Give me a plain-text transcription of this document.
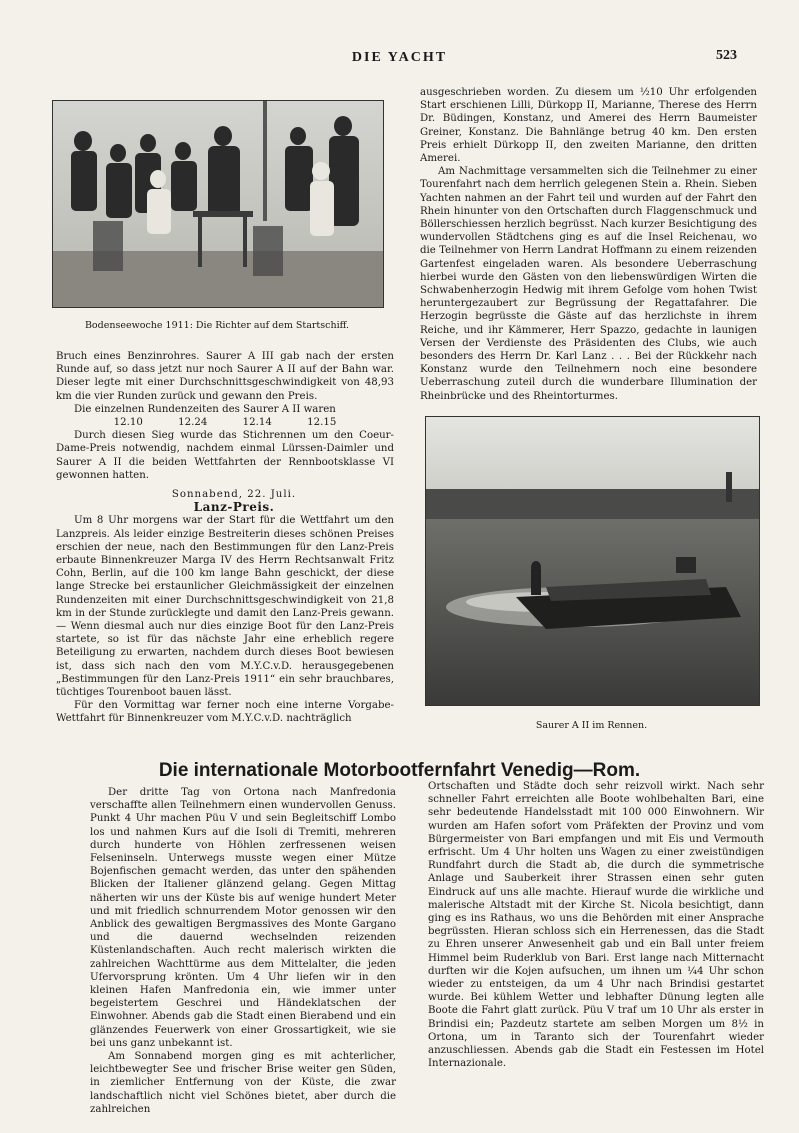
DIE YACHT	523
Bodenseewoche 1911: Die Richter auf dem Startschiff.

Bruch eines Benzinrohres. Saurer A III gab nach der ersten Runde auf, so dass jetzt nur noch Saurer A II auf der Bahn war. Dieser legte mit einer Durchschnittsgeschwindigkeit von 48,93 km die vier Runden zurück und gewann den Preis.

Die einzelnen Rundenzeiten des Saurer A II waren

12.10	12.24	12.14	12.15

Durch diesen Sieg wurde das Stichrennen um den Coeur-Dame-Preis notwendig, nachdem einmal Lürssen-Daimler und Saurer A II die beiden Wettfahrten der Rennbootsklasse VI gewonnen hatten.

Sonnabend, 22. Juli.

Lanz-Preis.

Um 8 Uhr morgens war der Start für die Wettfahrt um den Lanzpreis. Als leider einzige Bestreiterin dieses schönen Preises erschien der neue, nach den Bestimmungen für den Lanz-Preis erbaute Binnenkreuzer Marga IV des Herrn Rechtsanwalt Fritz Cohn, Berlin, auf die 100 km lange Bahn geschickt, der diese lange Strecke bei erstaunlicher Gleichmässigkeit der einzelnen Rundenzeiten mit einer Durchschnittsgeschwindigkeit von 21,8 km in der Stunde zurücklegte und damit den Lanz-Preis gewann. — Wenn diesmal auch nur dies einzige Boot für den Lanz-Preis startete, so ist für das nächste Jahr eine erheblich regere Beteiligung zu erwarten, nachdem durch dieses Boot bewiesen ist, dass sich nach den vom M.Y.C.v.D. herausgegebenen „Bestimmungen für den Lanz-Preis 1911“ ein sehr brauchbares, tüchtiges Tourenboot bauen lässt.

Für den Vormittag war ferner noch eine interne Vorgabe-Wettfahrt für Binnenkreuzer vom M.Y.C.v.D. nachträglich

ausgeschrieben worden. Zu diesem um ½10 Uhr erfolgenden Start erschienen Lilli, Dürkopp II, Marianne, Therese des Herrn Dr. Büdingen, Konstanz, und Amerei des Herrn Baumeister Greiner, Konstanz. Die Bahnlänge betrug 40 km. Den ersten Preis erhielt Dürkopp II, den zweiten Marianne, den dritten Amerei.

Am Nachmittage versammelten sich die Teilnehmer zu einer Tourenfahrt nach dem herrlich gelegenen Stein a. Rhein. Sieben Yachten nahmen an der Fahrt teil und wurden auf der Fahrt den Rhein hinunter von den Ortschaften durch Flaggenschmuck und Böllerschiessen herzlich begrüsst. Nach kurzer Besichtigung des wundervollen Städtchens ging es auf die Insel Reichenau, wo die Teilnehmer von Herrn Landrat Hoffmann zu einem reizenden Gartenfest eingeladen waren. Als besondere Ueberraschung hierbei wurde den Gästen von den liebenswürdigen Wirten die Schwabenherzogin Hedwig mit ihrem Gefolge vom hohen Twist heruntergezaubert zur Begrüssung der Regattafahrer. Die Herzogin begrüsste die Gäste auf das herzlichste in ihrem Reiche, und ihr Kämmerer, Herr Spazzo, gedachte in launigen Versen der Verdienste des Präsidenten des Clubs, wie auch besonders des Herrn Dr. Karl Lanz . . . Bei der Rückkehr nach Konstanz wurde den Teilnehmern noch eine besondere Ueberraschung zuteil durch die wunderbare Illumination der Rheinbrücke und des Rheintorturmes.

Saurer A II im Rennen.
Die internationale Motorbootfernfahrt Venedig—Rom.

Der dritte Tag von Ortona nach Manfredonia verschaffte allen Teilnehmern einen wundervollen Genuss. Punkt 4 Uhr machen Püu V und sein Begleitschiff Lombo los und nahmen Kurs auf die Isoli di Tremiti, mehreren durch hunderte von Höhlen zerfressenen weisen Felseninseln. Unterwegs musste wegen einer Mütze Bojenfischen gemacht werden, das unter den spähenden Blicken der Italiener glänzend gelang. Gegen Mittag näherten wir uns der Küste bis auf wenige hundert Meter und mit friedlich schnurrendem Motor genossen wir den Anblick des gewaltigen Bergmassives des Monte Gargano und die dauernd wechselnden reizenden Küstenlandschaften. Auch recht malerisch wirkten die zahlreichen Wachttürme aus dem Mittelalter, die jeden Ufervorsprung krönten. Um 4 Uhr liefen wir in den kleinen Hafen Manfredonia ein, wie immer unter begeistertem Geschrei und Händeklatschen der Einwohner. Abends gab die Stadt einen Bierabend und ein glänzendes Feuerwerk von einer Grossartigkeit, wie sie bei uns ganz unbekannt ist.

Am Sonnabend morgen ging es mit achterlicher, leichtbewegter See und frischer Brise weiter gen Süden, in ziemlicher Entfernung von der Küste, die zwar landschaftlich nicht viel Schönes bietet, aber durch die zahlreichen

Ortschaften und Städte doch sehr reizvoll wirkt. Nach sehr schneller Fahrt erreichten alle Boote wohlbehalten Bari, eine sehr bedeutende Handelsstadt mit 100 000 Einwohnern. Wir wurden am Hafen sofort vom Präfekten der Provinz und vom Bürgermeister von Bari empfangen und mit Eis und Vermouth erfrischt. Um 4 Uhr holten uns Wagen zu einer zweistündigen Rundfahrt durch die Stadt ab, die durch die symmetrische Anlage und Sauberkeit ihrer Strassen einen sehr guten Eindruck auf uns alle machte. Hierauf wurde die wirkliche und malerische Altstadt mit der Kirche St. Nicola besichtigt, dann ging es ins Rathaus, wo uns die Behörden mit einer Ansprache begrüssten. Hieran schloss sich ein Herrenessen, das die Stadt zu Ehren unserer Anwesenheit gab und ein Ball unter freiem Himmel beim Ruderklub von Bari. Erst lange nach Mitternacht durften wir die Kojen aufsuchen, um ihnen um ¼4 Uhr schon wieder zu entsteigen, da um 4 Uhr nach Brindisi gestartet wurde. Bei kühlem Wetter und lebhafter Dünung legten alle Boote die Fahrt glatt zurück. Püu V traf um 10 Uhr als erster in Brindisi ein; Pazdeutz startete am selben Morgen um 8½ in Ortona, um in Taranto sich der Tourenfahrt wieder anzuschliessen. Abends gab die Stadt ein Festessen im Hotel Internazionale.
